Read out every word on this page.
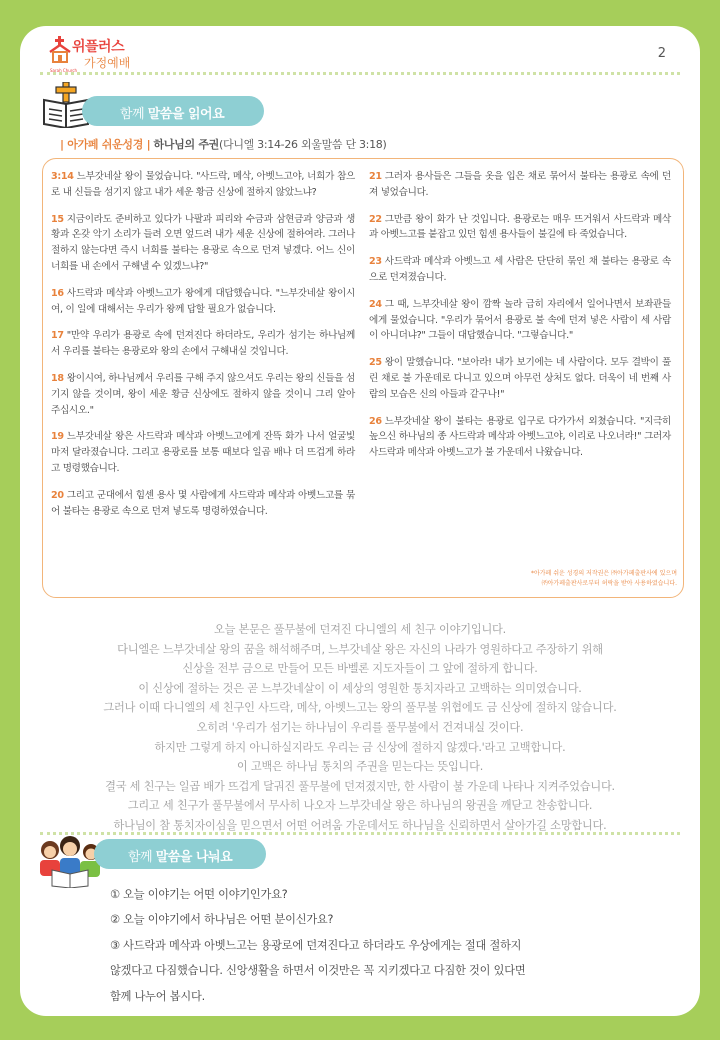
위플러스
가정예배
Sarah Church
2
함께 말씀을 읽어요
| 아가페 쉬운성경 | 하나님의 주권(다니엘 3:14-26 외울말씀 단 3:18)

3:14 느부갓네살 왕이 물었습니다. "사드락, 메삭, 아벳느고야, 너희가 참으로 내 신들을 섬기지 않고 내가 세운 황금 신상에 절하지 않았느냐?

15 지금이라도 준비하고 있다가 나팔과 피리와 수금과 삼현금과 양금과 생황과 온갖 악기 소리가 들려 오면 엎드려 내가 세운 신상에 절하여라. 그러나 절하지 않는다면 즉시 너희를 불타는 용광로 속으로 던져 넣겠다. 어느 신이 너희를 내 손에서 구해낼 수 있겠느냐?"

16 사드락과 메삭과 아벳느고가 왕에게 대답했습니다. "느부갓네살 왕이시여, 이 일에 대해서는 우리가 왕께 답할 필요가 없습니다.

17 "만약 우리가 용광로 속에 던져진다 하더라도, 우리가 섬기는 하나님께서 우리를 불타는 용광로와 왕의 손에서 구해내실 것입니다.

18 왕이시여, 하나님께서 우리를 구해 주지 않으셔도 우리는 왕의 신들을 섬기지 않을 것이며, 왕이 세운 황금 신상에도 절하지 않을 것이니 그리 알아 주십시오."

19 느부갓네살 왕은 사드락과 메삭과 아벳느고에게 잔뜩 화가 나서 얼굴빛마저 달라졌습니다. 그리고 용광로를 보통 때보다 일곱 배나 더 뜨겁게 하라고 명령했습니다.

20 그리고 군대에서 힘센 용사 몇 사람에게 사드락과 메삭과 아벳느고를 묶어 불타는 용광로 속으로 던져 넣도록 명령하였습니다.

21 그러자 용사들은 그들을 옷을 입은 채로 묶어서 불타는 용광로 속에 던져 넣었습니다.

22 그만큼 왕이 화가 난 것입니다. 용광로는 매우 뜨거워서 사드락과 메삭과 아벳느고를 붙잡고 있던 힘센 용사들이 불길에 타 죽었습니다.

23 사드락과 메삭과 아벳느고 세 사람은 단단히 묶인 채 불타는 용광로 속으로 던져졌습니다.

24 그 때, 느부갓네살 왕이 깜짝 놀라 급히 자리에서 일어나면서 보좌관들에게 물었습니다. "우리가 묶어서 용광로 불 속에 던져 넣은 사람이 세 사람이 아니더냐?" 그들이 대답했습니다. "그렇습니다."

25 왕이 말했습니다. "보아라! 내가 보기에는 네 사람이다. 모두 결박이 풀린 채로 불 가운데로 다니고 있으며 아무런 상처도 없다. 더욱이 네 번째 사람의 모습은 신의 아들과 같구나!"

26 느부갓네살 왕이 불타는 용광로 입구로 다가가서 외쳤습니다. "지극히 높으신 하나님의 종 사드락과 메삭과 아벳느고야, 이리로 나오너라!" 그러자 사드락과 메삭과 아벳느고가 불 가운데서 나왔습니다.

*아가페 쉬운 성경의 저작권은 ㈜아가페출판사에 있으며
㈜아가페출판사로부터 허락을 받아 사용하였습니다.
오늘 본문은 풀무불에 던져진 다니엘의 세 친구 이야기입니다.
다니엘은 느부갓네살 왕의 꿈을 해석해주며, 느부갓네살 왕은 자신의 나라가 영원하다고 주장하기 위해
신상을 전부 금으로 만들어 모든 바벨론 지도자들이 그 앞에 절하게 합니다.
이 신상에 절하는 것은 곧 느부갓네살이 이 세상의 영원한 통치자라고 고백하는 의미였습니다.
그러나 이때 다니엘의 세 친구인 사드락, 메삭, 아벳느고는 왕의 풀무불 위협에도 금 신상에 절하지 않습니다.
오히려 '우리가 섬기는 하나님이 우리를 풀무불에서 건져내실 것이다.
하지만 그렇게 하지 아니하실지라도 우리는 금 신상에 절하지 않겠다.'라고 고백합니다.
이 고백은 하나님 통치의 주권을 믿는다는 뜻입니다.
결국 세 친구는 일곱 배가 뜨겁게 달궈진 풀무불에 던져졌지만, 한 사람이 불 가운데 나타나 지켜주었습니다.
그리고 세 친구가 풀무불에서 무사히 나오자 느부갓네살 왕은 하나님의 왕권을 깨닫고 찬송합니다.
하나님이 참 통치자이심을 믿으면서 어떤 어려움 가운데서도 하나님을 신뢰하면서 살아가길 소망합니다.
함께 말씀을 나눠요
① 오늘 이야기는 어떤 이야기인가요?
② 오늘 이야기에서 하나님은 어떤 분이신가요?
③ 사드락과 메삭과 아벳느고는 용광로에 던져진다고 하더라도 우상에게는 절대 절하지
않겠다고 다짐했습니다. 신앙생활을 하면서 이것만은 꼭 지키겠다고 다짐한 것이 있다면
함께 나누어 봅시다.
